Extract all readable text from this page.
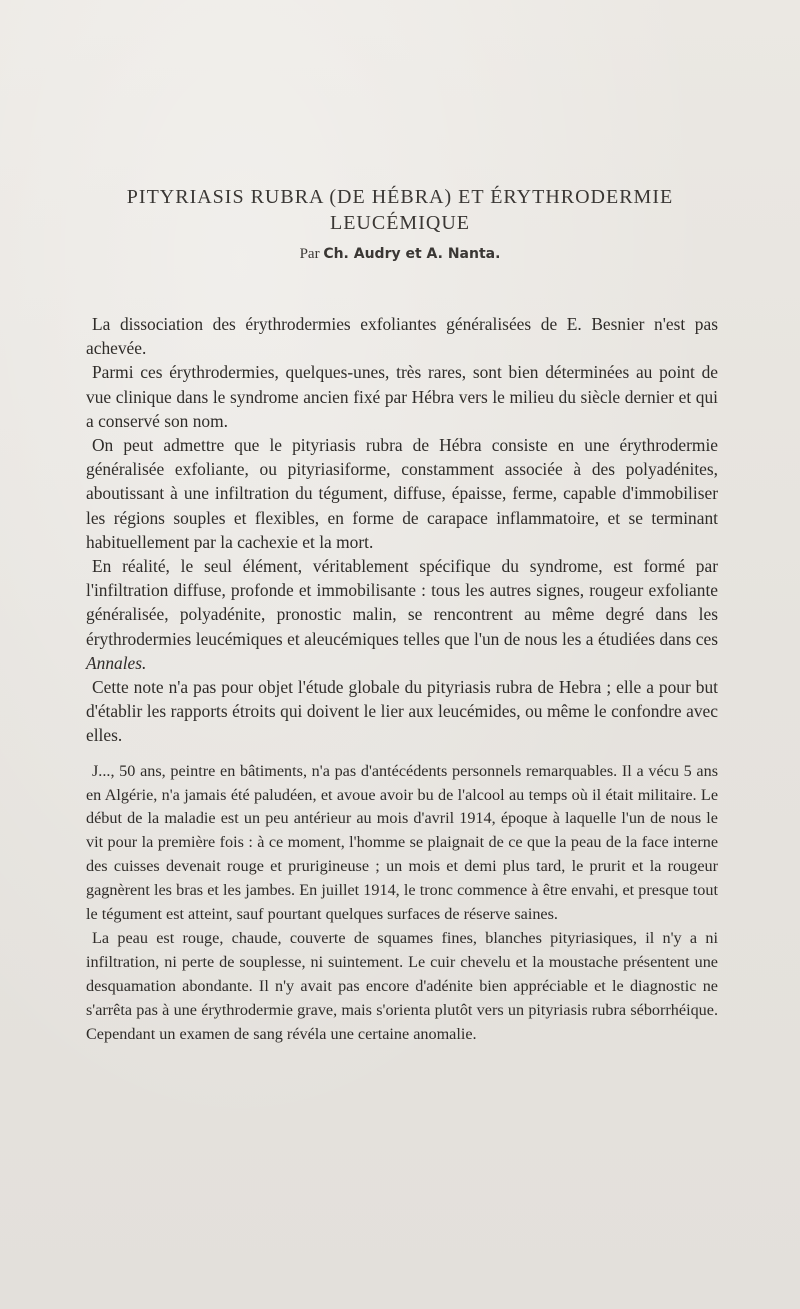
PITYRIASIS RUBRA (DE HÉBRA) ET ÉRYTHRODERMIE
LEUCÉMIQUE
Par Ch. Audry et A. Nanta.

La dissociation des érythrodermies exfoliantes généralisées de E. Besnier n'est pas achevée.

Parmi ces érythrodermies, quelques-unes, très rares, sont bien déterminées au point de vue clinique dans le syndrome ancien fixé par Hébra vers le milieu du siècle dernier et qui a conservé son nom.

On peut admettre que le pityriasis rubra de Hébra consiste en une érythrodermie généralisée exfoliante, ou pityriasiforme, constamment associée à des polyadénites, aboutissant à une infiltration du tégument, diffuse, épaisse, ferme, capable d'immobiliser les régions souples et flexibles, en forme de carapace inflammatoire, et se terminant habituellement par la cachexie et la mort.

En réalité, le seul élément, véritablement spécifique du syndrome, est formé par l'infiltration diffuse, profonde et immobilisante : tous les autres signes, rougeur exfoliante généralisée, polyadénite, pronostic malin, se rencontrent au même degré dans les érythrodermies leucémiques et aleucémiques telles que l'un de nous les a étudiées dans ces Annales.

Cette note n'a pas pour objet l'étude globale du pityriasis rubra de Hebra ; elle a pour but d'établir les rapports étroits qui doivent le lier aux leucémides, ou même le confondre avec elles.

J..., 50 ans, peintre en bâtiments, n'a pas d'antécédents personnels remarquables. Il a vécu 5 ans en Algérie, n'a jamais été paludéen, et avoue avoir bu de l'alcool au temps où il était militaire. Le début de la maladie est un peu antérieur au mois d'avril 1914, époque à laquelle l'un de nous le vit pour la première fois : à ce moment, l'homme se plaignait de ce que la peau de la face interne des cuisses devenait rouge et prurigineuse ; un mois et demi plus tard, le prurit et la rougeur gagnèrent les bras et les jambes. En juillet 1914, le tronc commence à être envahi, et presque tout le tégument est atteint, sauf pourtant quelques surfaces de réserve saines.

La peau est rouge, chaude, couverte de squames fines, blanches pityriasiques, il n'y a ni infiltration, ni perte de souplesse, ni suintement. Le cuir chevelu et la moustache présentent une desquamation abondante. Il n'y avait pas encore d'adénite bien appréciable et le diagnostic ne s'arrêta pas à une érythrodermie grave, mais s'orienta plutôt vers un pityriasis rubra séborrhéique. Cependant un examen de sang révéla une certaine anomalie.
